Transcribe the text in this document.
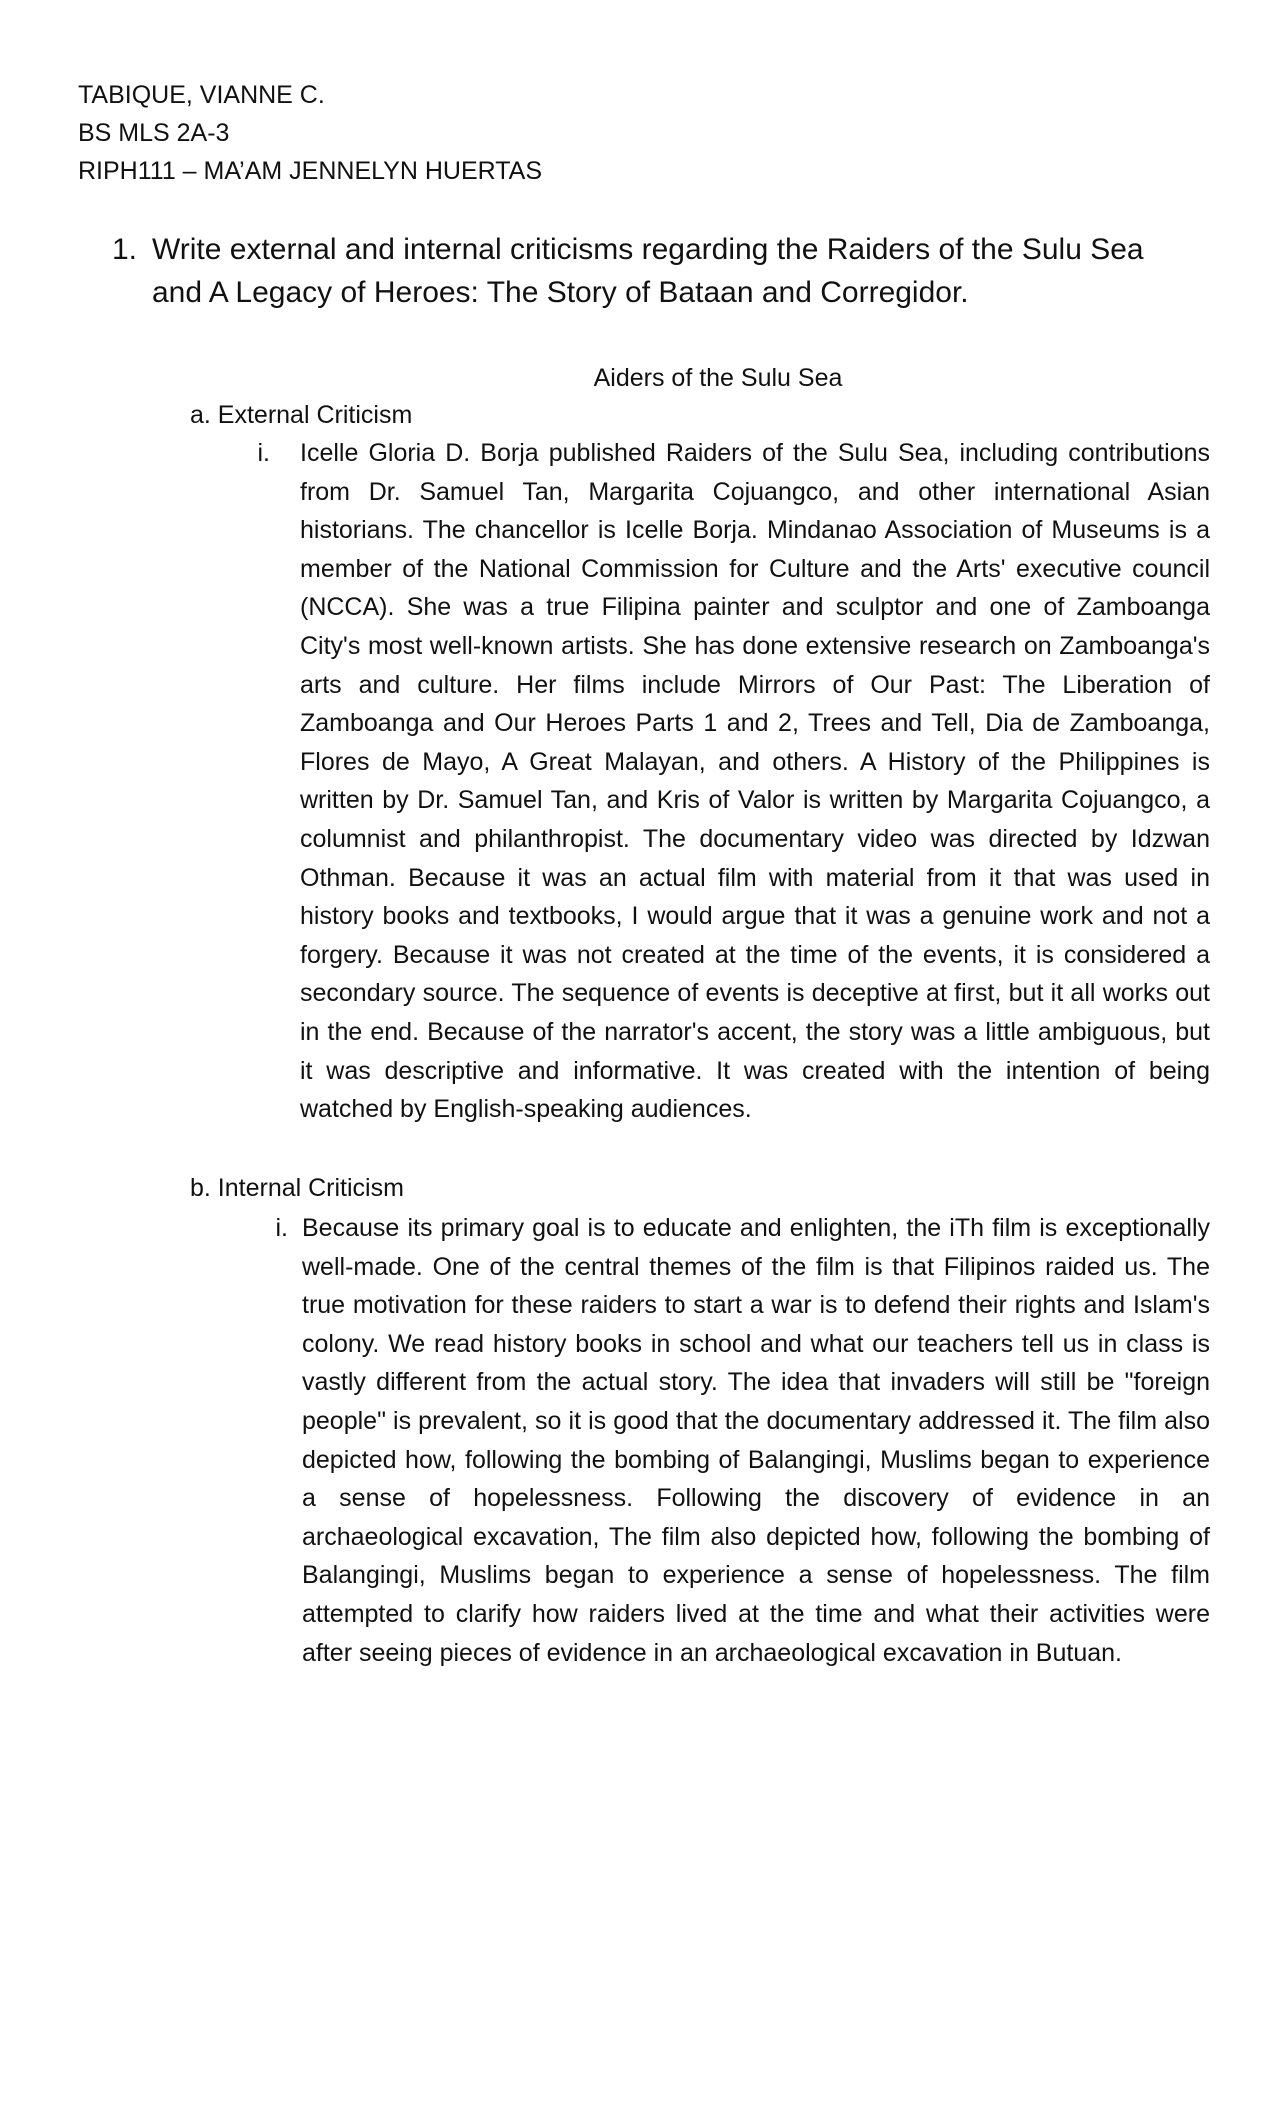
TABIQUE, VIANNE C.
BS MLS 2A-3
RIPH111 – MA’AM JENNELYN HUERTAS
1. Write external and internal criticisms regarding the Raiders of the Sulu Sea and A Legacy of Heroes: The Story of Bataan and Corregidor.
Aiders of the Sulu Sea
a. External Criticism
i. Icelle Gloria D. Borja published Raiders of the Sulu Sea, including contributions from Dr. Samuel Tan, Margarita Cojuangco, and other international Asian historians. The chancellor is Icelle Borja. Mindanao Association of Museums is a member of the National Commission for Culture and the Arts' executive council (NCCA). She was a true Filipina painter and sculptor and one of Zamboanga City's most well-known artists. She has done extensive research on Zamboanga's arts and culture. Her films include Mirrors of Our Past: The Liberation of Zamboanga and Our Heroes Parts 1 and 2, Trees and Tell, Dia de Zamboanga, Flores de Mayo, A Great Malayan, and others. A History of the Philippines is written by Dr. Samuel Tan, and Kris of Valor is written by Margarita Cojuangco, a columnist and philanthropist. The documentary video was directed by Idzwan Othman. Because it was an actual film with material from it that was used in history books and textbooks, I would argue that it was a genuine work and not a forgery. Because it was not created at the time of the events, it is considered a secondary source. The sequence of events is deceptive at first, but it all works out in the end. Because of the narrator's accent, the story was a little ambiguous, but it was descriptive and informative. It was created with the intention of being watched by English-speaking audiences.
b. Internal Criticism
i. Because its primary goal is to educate and enlighten, the iTh film is exceptionally well-made. One of the central themes of the film is that Filipinos raided us. The true motivation for these raiders to start a war is to defend their rights and Islam's colony. We read history books in school and what our teachers tell us in class is vastly different from the actual story. The idea that invaders will still be "foreign people" is prevalent, so it is good that the documentary addressed it. The film also depicted how, following the bombing of Balangingi, Muslims began to experience a sense of hopelessness. Following the discovery of evidence in an archaeological excavation, The film also depicted how, following the bombing of Balangingi, Muslims began to experience a sense of hopelessness. The film attempted to clarify how raiders lived at the time and what their activities were after seeing pieces of evidence in an archaeological excavation in Butuan.
